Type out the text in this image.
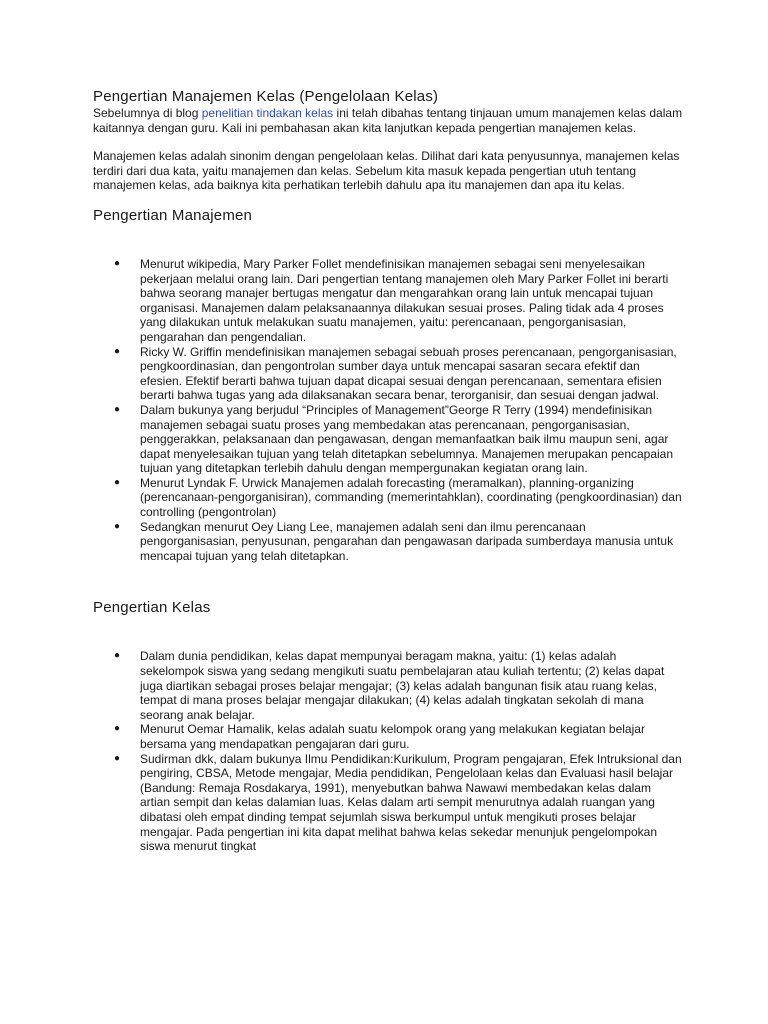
Pengertian Manajemen Kelas (Pengelolaan Kelas)

Sebelumnya di blog penelitian tindakan kelas ini telah dibahas tentang tinjauan umum manajemen kelas dalam kaitannya dengan guru. Kali ini pembahasan akan kita lanjutkan kepada pengertian manajemen kelas.

Manajemen kelas adalah sinonim dengan pengelolaan kelas. Dilihat dari kata penyusunnya, manajemen kelas terdiri dari dua kata, yaitu manajemen dan kelas. Sebelum kita masuk kepada pengertian utuh tentang manajemen kelas, ada baiknya kita perhatikan terlebih dahulu apa itu manajemen dan apa itu kelas.

Pengertian Manajemen
● Menurut wikipedia, Mary Parker Follet mendefinisikan manajemen sebagai seni menyelesaikan pekerjaan melalui orang lain. Dari pengertian tentang manajemen oleh Mary Parker Follet ini berarti bahwa seorang manajer bertugas mengatur dan mengarahkan orang lain untuk mencapai tujuan organisasi. Manajemen dalam pelaksanaannya dilakukan sesuai proses. Paling tidak ada 4 proses yang dilakukan untuk melakukan suatu manajemen, yaitu: perencanaan, pengorganisasian, pengarahan dan pengendalian.
● Ricky W. Griffin mendefinisikan manajemen sebagai sebuah proses perencanaan, pengorganisasian, pengkoordinasian, dan pengontrolan sumber daya untuk mencapai sasaran secara efektif dan efesien. Efektif berarti bahwa tujuan dapat dicapai sesuai dengan perencanaan, sementara efisien berarti bahwa tugas yang ada dilaksanakan secara benar, terorganisir, dan sesuai dengan jadwal.
● Dalam bukunya yang berjudul “Principles of Management”George R Terry (1994) mendefinisikan manajemen sebagai suatu proses yang membedakan atas perencanaan, pengorganisasian, penggerakkan, pelaksanaan dan pengawasan, dengan memanfaatkan baik ilmu maupun seni, agar dapat menyelesaikan tujuan yang telah ditetapkan sebelumnya. Manajemen merupakan pencapaian tujuan yang ditetapkan terlebih dahulu dengan mempergunakan kegiatan orang lain.
● Menurut Lyndak F. Urwick Manajemen adalah forecasting (meramalkan), planning-organizing (perencanaan-pengorganisiran), commanding (memerintahklan), coordinating (pengkoordinasian) dan controlling (pengontrolan)
● Sedangkan menurut Oey Liang Lee, manajemen adalah seni dan ilmu perencanaan pengorganisasian, penyusunan, pengarahan dan pengawasan daripada sumberdaya manusia untuk mencapai tujuan yang telah ditetapkan.
Pengertian Kelas
● Dalam dunia pendidikan, kelas dapat mempunyai beragam makna, yaitu: (1) kelas adalah sekelompok siswa yang sedang mengikuti suatu pembelajaran atau kuliah tertentu; (2) kelas dapat juga diartikan sebagai proses belajar mengajar; (3) kelas adalah bangunan fisik atau ruang kelas, tempat di mana proses belajar mengajar dilakukan; (4) kelas adalah tingkatan sekolah di mana seorang anak belajar.
● Menurut Oemar Hamalik, kelas adalah suatu kelompok orang yang melakukan kegiatan belajar bersama yang mendapatkan pengajaran dari guru.
● Sudirman dkk, dalam bukunya Ilmu Pendidikan:Kurikulum, Program pengajaran, Efek Intruksional dan pengiring, CBSA, Metode mengajar, Media pendidikan, Pengelolaan kelas dan Evaluasi hasil belajar (Bandung: Remaja Rosdakarya, 1991), menyebutkan bahwa Nawawi membedakan kelas dalam artian sempit dan kelas dalamian luas. Kelas dalam arti sempit menurutnya adalah ruangan yang dibatasi oleh empat dinding tempat sejumlah siswa berkumpul untuk mengikuti proses belajar mengajar. Pada pengertian ini kita dapat melihat bahwa kelas sekedar menunjuk pengelompokan siswa menurut tingkat
